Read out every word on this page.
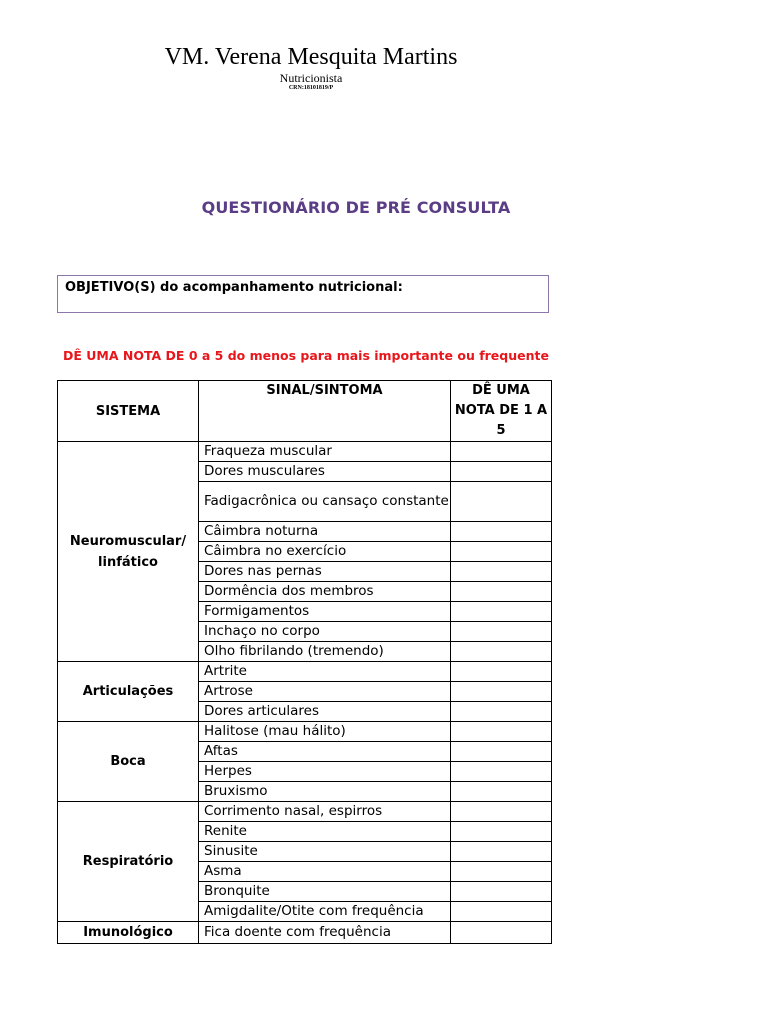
VM. Verena Mesquita Martins
Nutricionista
CRN:18101819/P
QUESTIONÁRIO DE PRÉ CONSULTA
OBJETIVO(S) do acompanhamento nutricional:
DÊ UMA NOTA DE 0 a 5 do menos para mais importante ou frequente
SISTEMA	SINAL/SINTOMA	DÊ UMA NOTA DE 1 A 5
Neuromuscular/ linfático	Fraqueza muscular	
	Dores musculares	
	Fadigacrônica ou cansaço constante	
	Câimbra noturna	
	Câimbra no exercício	
	Dores nas pernas	
	Dormência dos membros	
	Formigamentos	
	Inchaço no corpo	
	Olho fibrilando (tremendo)	
Articulações	Artrite	
	Artrose	
	Dores articulares	
Boca	Halitose (mau hálito)	
	Aftas	
	Herpes	
	Bruxismo	
Respiratório	Corrimento nasal, espirros	
	Renite	
	Sinusite	
	Asma	
	Bronquite	
	Amigdalite/Otite com frequência	
Imunológico	Fica doente com frequência	
